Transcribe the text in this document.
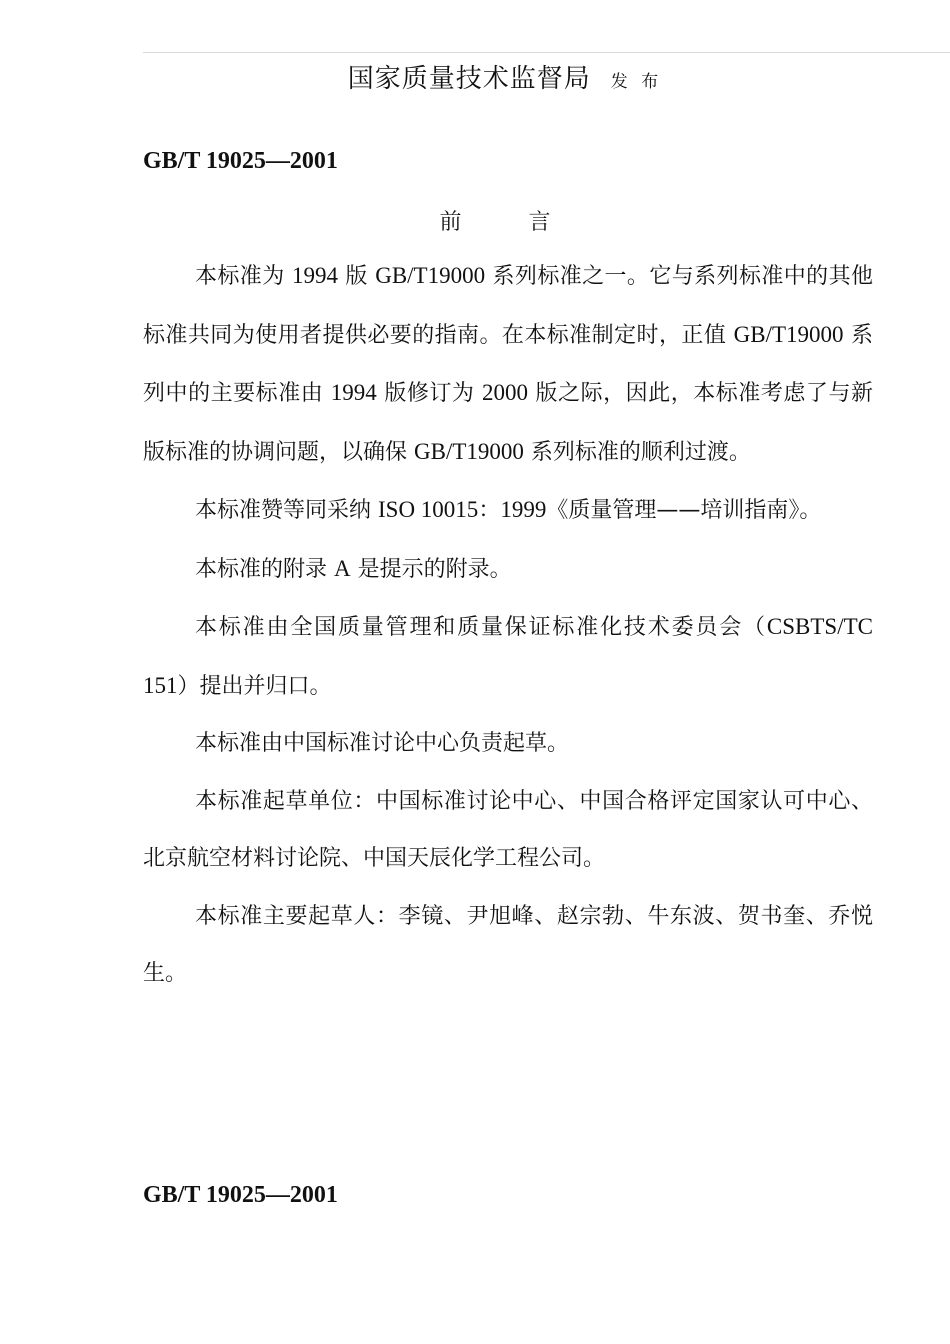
国家质量技术监督局 发 布
GB/T 19025—2001
前 言

本标准为 1994 版 GB/T19000 系列标准之一。它与系列标准中的其他标准共同为使用者提供必要的指南。在本标准制定时，正值 GB/T19000 系列中的主要标准由 1994 版修订为 2000 版之际，因此，本标准考虑了与新版标准的协调问题，以确保 GB/T19000 系列标准的顺利过渡。

本标准赞等同采纳 ISO 10015：1999《质量管理——培训指南》。

本标准的附录 A 是提示的附录。

本标准由全国质量管理和质量保证标准化技术委员会（CSBTS/TC 151）提出并归口。

本标准由中国标准讨论中心负责起草。

本标准起草单位：中国标准讨论中心、中国合格评定国家认可中心、北京航空材料讨论院、中国天辰化学工程公司。

本标准主要起草人：李镜、尹旭峰、赵宗勃、牛东波、贺书奎、乔悦生。

GB/T 19025—2001
